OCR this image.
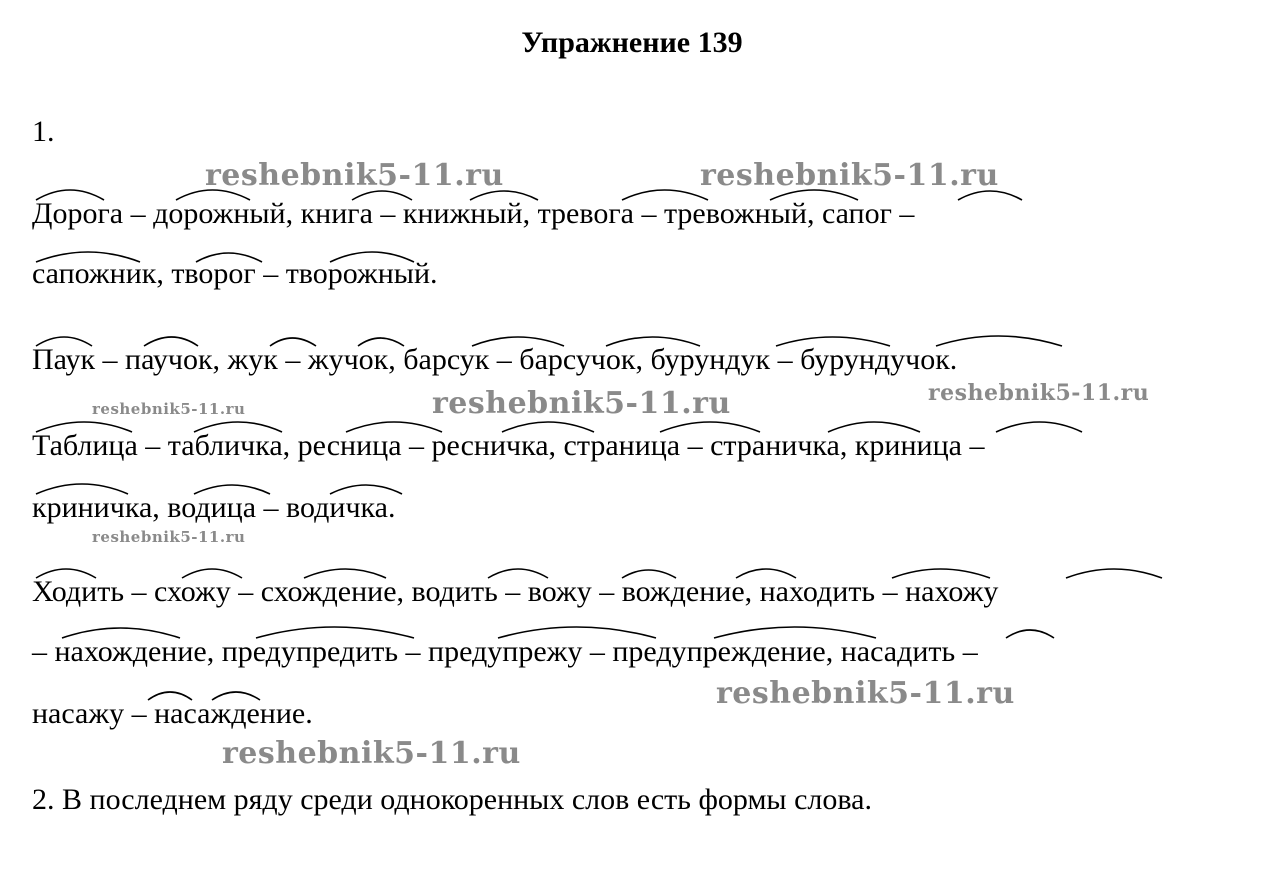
Упражнение 139
1.
reshebnik5-11.ru	reshebnik5-11.ru
reshebnik5-11.ru	reshebnik5-11.ru	reshebnik5-11.ru
reshebnik5-11.ru
reshebnik5-11.ru
reshebnik5-11.ru
Дорога – дорожный, книга – книжный, тревога – тревожный, сапог –
сапожник, творог – творожный.
Паук – паучок, жук – жучок, барсук – барсучок, бурундук – бурундучок.
Таблица – табличка, ресница – ресничка, страница – страничка, криница –
криничка, водица – водичка.
Ходить – схожу – схождение, водить – вожу – вождение, находить – нахожу
– нахождение, предупредить – предупрежу – предупреждение, насадить –
насажу – насаждение.
2. В последнем ряду среди однокоренных слов есть формы слова.
